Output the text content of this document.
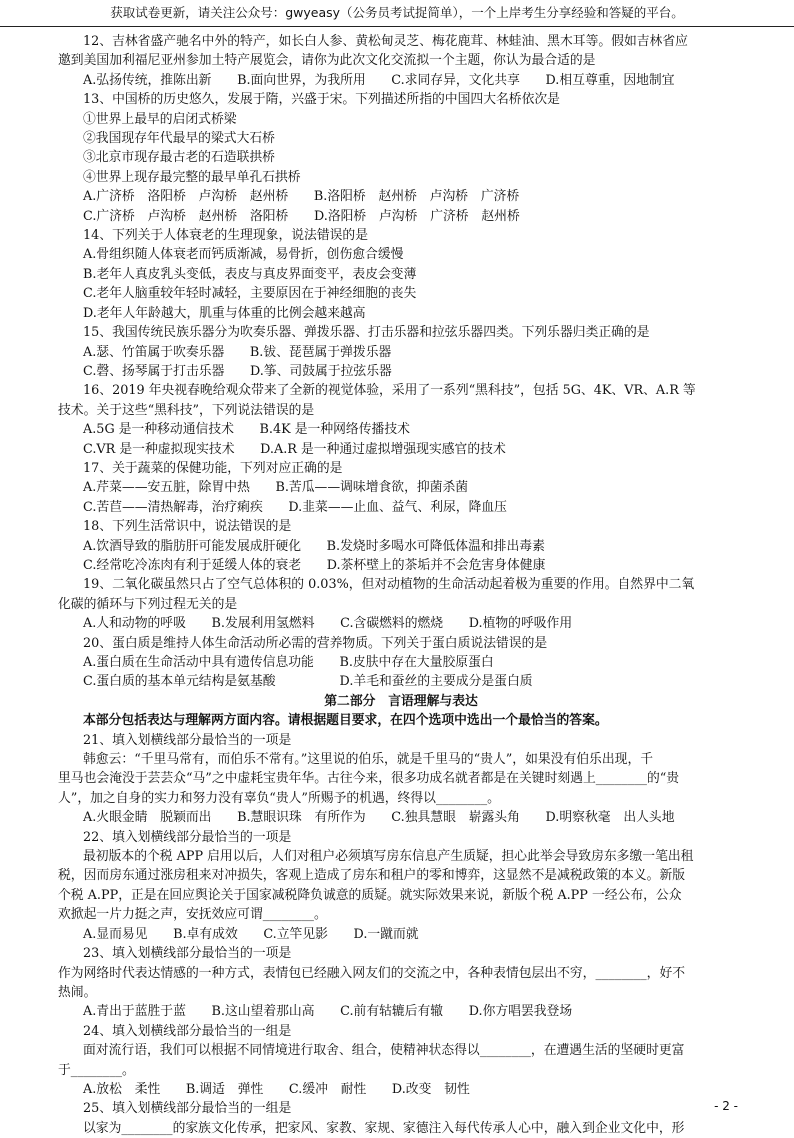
获取试卷更新，请关注公众号：gwyeasy（公务员考试捉简单），一个上岸考生分享经验和答疑的平台。
12、吉林省盛产驰名中外的特产，如长白人参、黄松甸灵芝、梅花鹿茸、林蛙油、黑木耳等。假如吉林省应
邀到美国加利福尼亚州参加土特产展览会，请你为此次文化交流拟一个主题，你认为最合适的是
A.弘扬传统，推陈出新　　B.面向世界，为我所用　　C.求同存异，文化共享　　D.相互尊重，因地制宜
13、中国桥的历史悠久，发展于隋，兴盛于宋。下列描述所指的中国四大名桥依次是
①世界上最早的启闭式桥梁
②我国现存年代最早的梁式大石桥
③北京市现存最古老的石造联拱桥
④世界上现存最完整的最早单孔石拱桥
A.广济桥　洛阳桥　卢沟桥　赵州桥　　B.洛阳桥　赵州桥　卢沟桥　广济桥
C.广济桥　卢沟桥　赵州桥　洛阳桥　　D.洛阳桥　卢沟桥　广济桥　赵州桥
14、下列关于人体衰老的生理现象，说法错误的是
A.骨组织随人体衰老而钙质渐减，易骨折，创伤愈合缓慢
B.老年人真皮乳头变低，表皮与真皮界面变平，表皮会变薄
C.老年人脑重较年轻时减轻，主要原因在于神经细胞的丧失
D.老年人年龄越大，肌重与体重的比例会越来越高
15、我国传统民族乐器分为吹奏乐器、弹拨乐器、打击乐器和拉弦乐器四类。下列乐器归类正确的是
A.瑟、竹笛属于吹奏乐器　　B.钹、琵琶属于弹拨乐器
C.磬、扬琴属于打击乐器　　D.筝、司鼓属于拉弦乐器
16、2019 年央视春晚给观众带来了全新的视觉体验，采用了一系列“黑科技”，包括 5G、4K、VR、A.R 等
技术。关于这些“黑科技”，下列说法错误的是
A.5G 是一种移动通信技术　　B.4K 是一种网络传播技术
C.VR 是一种虚拟现实技术　　D.A.R 是一种通过虚拟增强现实感官的技术
17、关于蔬菜的保健功能，下列对应正确的是
A.芹菜——安五脏，除胃中热　　B.苦瓜——调味增食欲，抑菌杀菌
C.苦苣——清热解毒，治疗痢疾　　D.韭菜——止血、益气、利尿，降血压
18、下列生活常识中，说法错误的是
A.饮酒导致的脂肪肝可能发展成肝硬化　　B.发烧时多喝水可降低体温和排出毒素
C.经常吃冷冻肉有利于延缓人体的衰老　　D.茶杯壁上的茶垢并不会危害身体健康
19、二氧化碳虽然只占了空气总体积的 0.03%，但对动植物的生命活动起着极为重要的作用。自然界中二氧
化碳的循环与下列过程无关的是
A.人和动物的呼吸　　B.发展利用氢燃料　　C.含碳燃料的燃烧　　D.植物的呼吸作用
20、蛋白质是维持人体生命活动所必需的营养物质。下列关于蛋白质说法错误的是
A.蛋白质在生命活动中具有遗传信息功能　　B.皮肤中存在大量胶原蛋白
C.蛋白质的基本单元结构是氨基酸　　　　　D.羊毛和蚕丝的主要成分是蛋白质
第二部分　言语理解与表达
本部分包括表达与理解两方面内容。请根据题目要求，在四个选项中选出一个最恰当的答案。
21、填入划横线部分最恰当的一项是
韩愈云：“千里马常有，而伯乐不常有。”这里说的伯乐，就是千里马的“贵人”，如果没有伯乐出现，千
里马也会淹没于芸芸众“马”之中虚耗宝贵年华。古往今来，很多功成名就者都是在关键时刻遇上________的“贵
人”，加之自身的实力和努力没有辜负“贵人”所赐予的机遇，终得以________。
A.火眼金睛　脱颖而出　　B.慧眼识珠　有所作为　　C.独具慧眼　崭露头角　　D.明察秋毫　出人头地
22、填入划横线部分最恰当的一项是
最初版本的个税 APP 启用以后，人们对租户必须填写房东信息产生质疑，担心此举会导致房东多缴一笔出租
税，因而房东通过涨房租来对冲损失，客观上造成了房东和租户的零和博弈，这显然不是减税政策的本义。新版
个税 A.PP，正是在回应舆论关于国家减税降负诚意的质疑。就实际效果来说，新版个税 A.PP 一经公布，公众
欢掀起一片力挺之声，安抚效应可谓________。
A.显而易见　　B.卓有成效　　C.立竿见影　　D.一蹴而就
23、填入划横线部分最恰当的一项是
作为网络时代表达情感的一种方式，表情包已经融入网友们的交流之中，各种表情包层出不穷，________，好不
热闹。
A.青出于蓝胜于蓝　　B.这山望着那山高　　C.前有轱辘后有辙　　D.你方唱罢我登场
24、填入划横线部分最恰当的一组是
面对流行语，我们可以根据不同情境进行取舍、组合，使精神状态得以________，在遭遇生活的坚硬时更富
于________。
A.放松　柔性　　B.调适　弹性　　C.缓冲　耐性　　D.改变　韧性
25、填入划横线部分最恰当的一组是
以家为________的家族文化传承，把家风、家教、家规、家德注入每代传承人心中，融入到企业文化中，形
- 2 -
